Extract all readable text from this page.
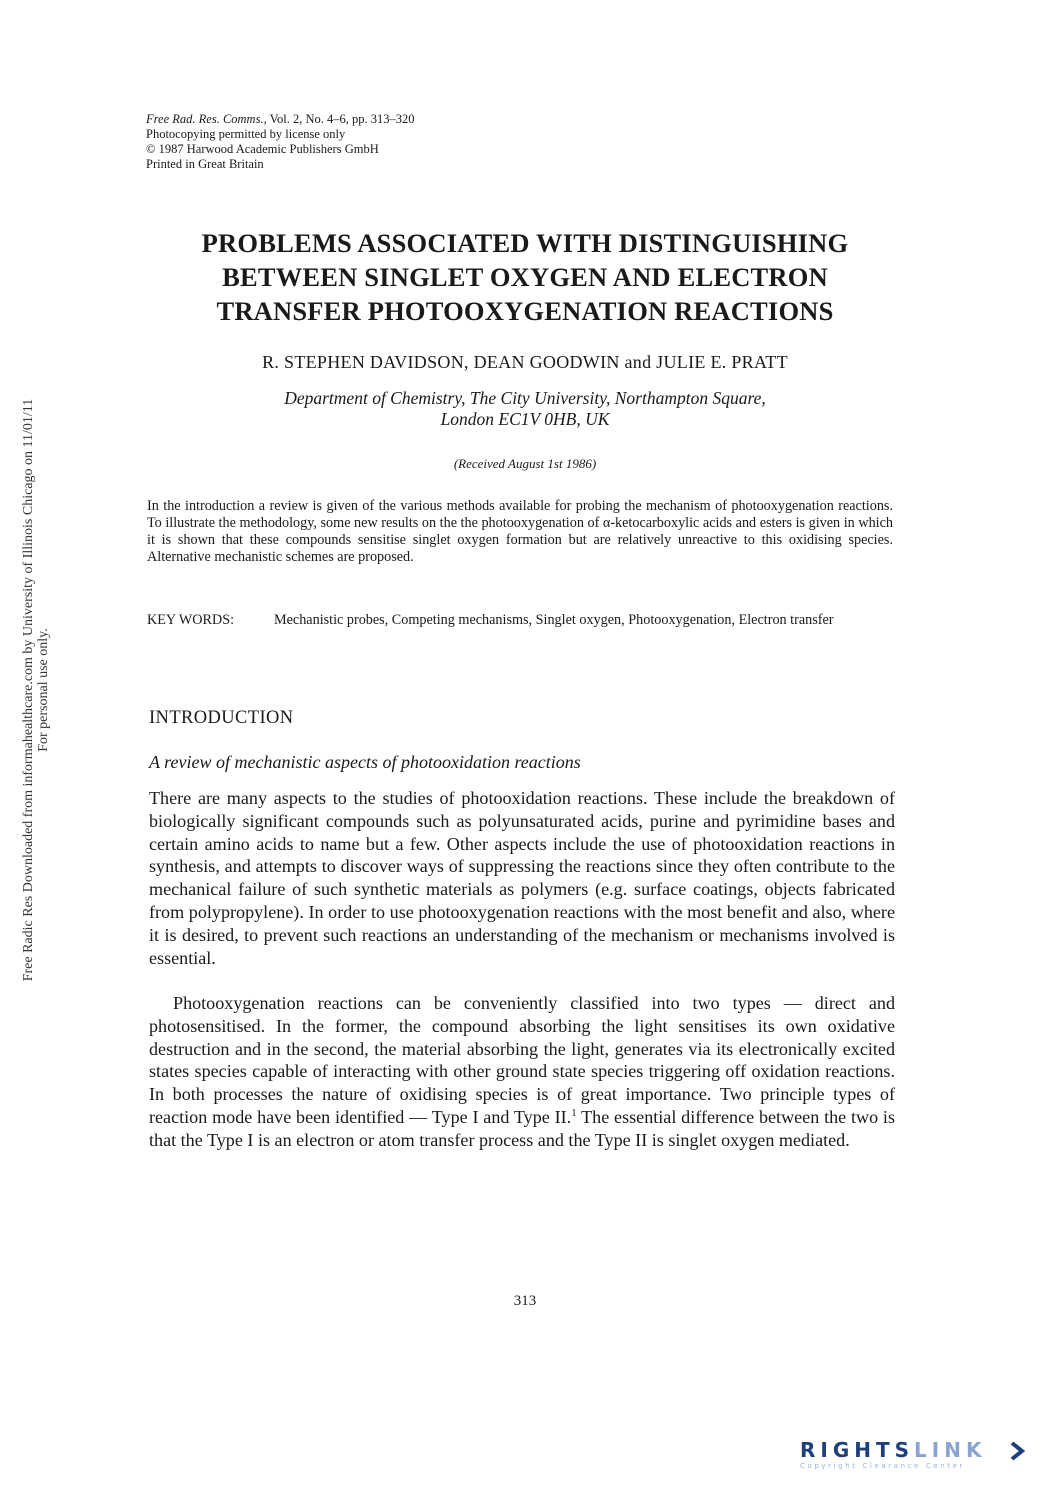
Free Rad. Res. Comms., Vol. 2, No. 4–6, pp. 313–320
Photocopying permitted by license only
© 1987 Harwood Academic Publishers GmbH
Printed in Great Britain
PROBLEMS ASSOCIATED WITH DISTINGUISHING
BETWEEN SINGLET OXYGEN AND ELECTRON
TRANSFER PHOTOOXYGENATION REACTIONS
R. STEPHEN DAVIDSON, DEAN GOODWIN and JULIE E. PRATT
Department of Chemistry, The City University, Northampton Square,
London EC1V 0HB, UK
(Received August 1st 1986)
In the introduction a review is given of the various methods available for probing the mechanism of photooxygenation reactions. To illustrate the methodology, some new results on the the photooxygenation of α-ketocarboxylic acids and esters is given in which it is shown that these compounds sensitise singlet oxygen formation but are relatively unreactive to this oxidising species. Alternative mechanistic schemes are proposed.
KEY WORDS:	Mechanistic probes, Competing mechanisms, Singlet oxygen, Photooxygenation, Electron transfer
INTRODUCTION
A review of mechanistic aspects of photooxidation reactions
There are many aspects to the studies of photooxidation reactions. These include the breakdown of biologically significant compounds such as polyunsaturated acids, purine and pyrimidine bases and certain amino acids to name but a few. Other aspects include the use of photooxidation reactions in synthesis, and attempts to discover ways of suppressing the reactions since they often contribute to the mechanical failure of such synthetic materials as polymers (e.g. surface coatings, objects fabricated from polypropylene). In order to use photooxygenation reactions with the most benefit and also, where it is desired, to prevent such reactions an understanding of the mechanism or mechanisms involved is essential.
Photooxygenation reactions can be conveniently classified into two types — direct and photosensitised. In the former, the compound absorbing the light sensitises its own oxidative destruction and in the second, the material absorbing the light, generates via its electronically excited states species capable of interacting with other ground state species triggering off oxidation reactions. In both processes the nature of oxidising species is of great importance. Two principle types of reaction mode have been identified — Type I and Type II.$^1$ The essential difference between the two is that the Type I is an electron or atom transfer process and the Type II is singlet oxygen mediated.
313
Free Radic Res Downloaded from informahealthcare.com by University of Illinois Chicago on 11/01/11 For personal use only.
RIGHTSLINK
Copyright Clearance Center
